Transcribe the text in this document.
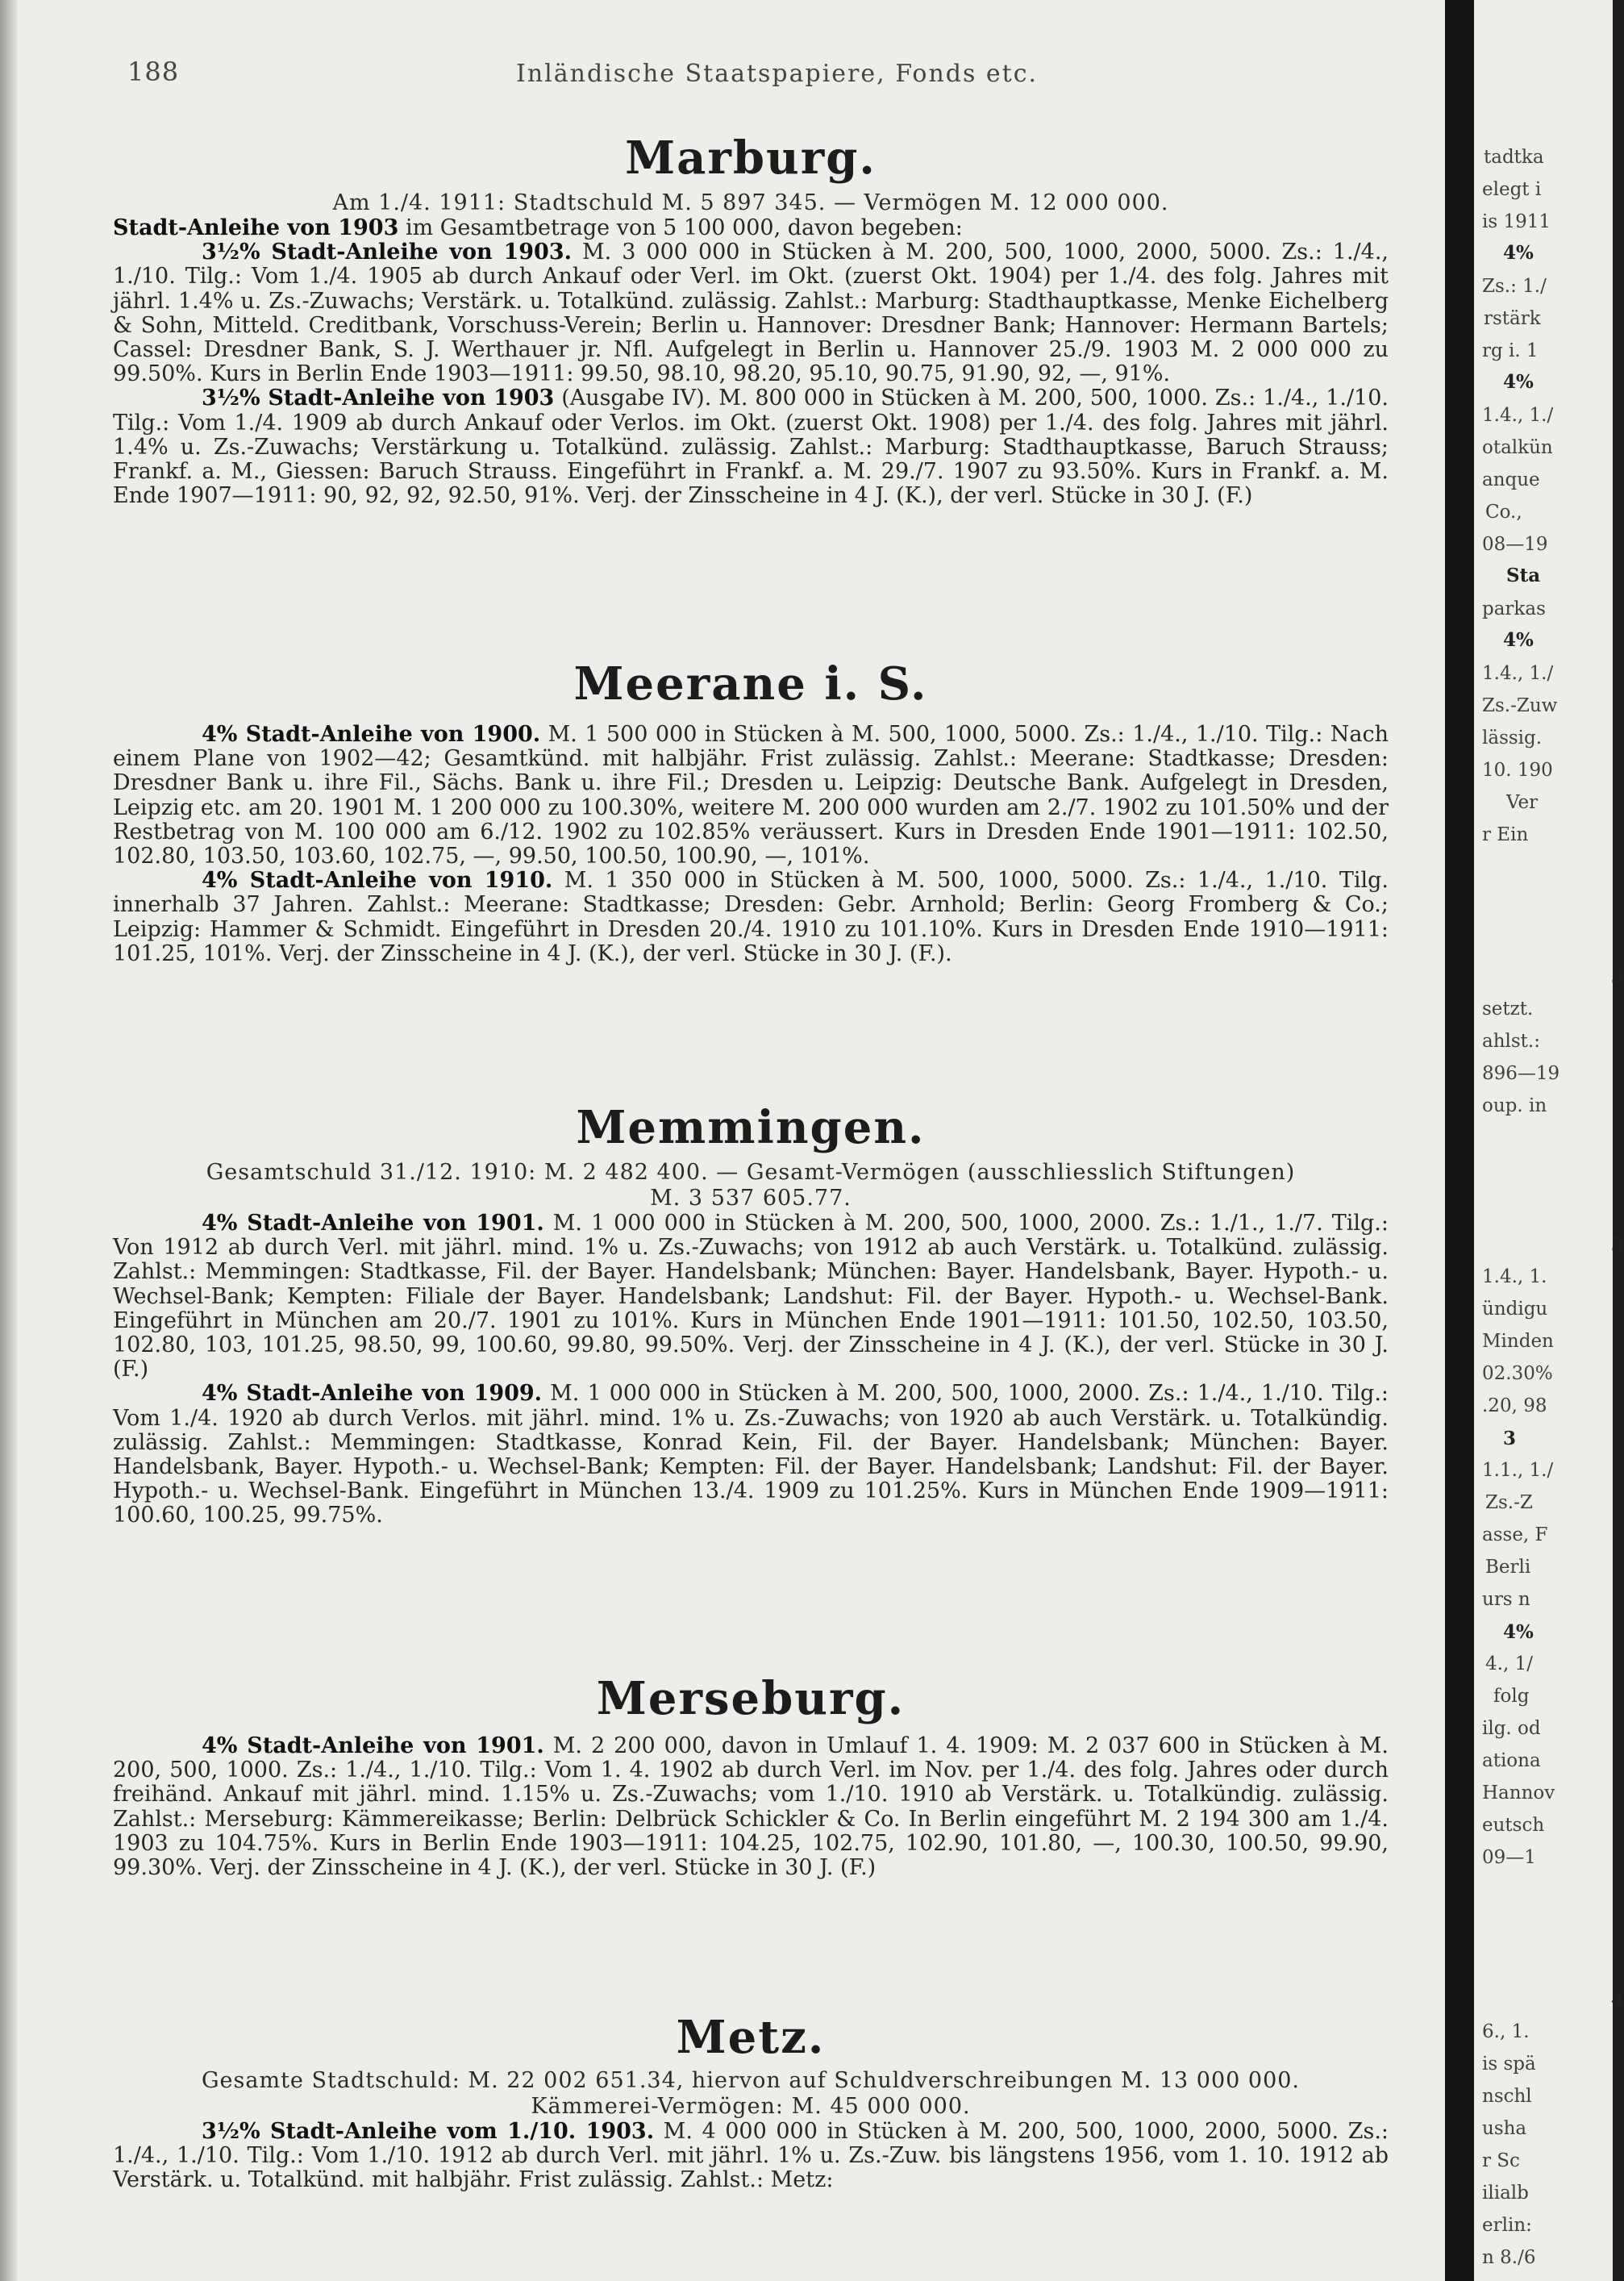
188	Inländische Staatspapiere, Fonds etc.
Marburg.

Am 1./4. 1911: Stadtschuld M. 5 897 345. — Vermögen M. 12 000 000.

Stadt-Anleihe von 1903 im Gesamtbetrage von 5 100 000, davon begeben:

3½% Stadt-Anleihe von 1903. M. 3 000 000 in Stücken à M. 200, 500, 1000, 2000, 5000. Zs.: 1./4., 1./10. Tilg.: Vom 1./4. 1905 ab durch Ankauf oder Verl. im Okt. (zuerst Okt. 1904) per 1./4. des folg. Jahres mit jährl. 1.4% u. Zs.-Zuwachs; Verstärk. u. Totalkünd. zulässig. Zahlst.: Marburg: Stadthauptkasse, Menke Eichelberg & Sohn, Mitteld. Creditbank, Vorschuss-Verein; Berlin u. Hannover: Dresdner Bank; Hannover: Hermann Bartels; Cassel: Dresdner Bank, S. J. Werthauer jr. Nfl. Aufgelegt in Berlin u. Hannover 25./9. 1903 M. 2 000 000 zu 99.50%. Kurs in Berlin Ende 1903—1911: 99.50, 98.10, 98.20, 95.10, 90.75, 91.90, 92, —, 91%.

3½% Stadt-Anleihe von 1903 (Ausgabe IV). M. 800 000 in Stücken à M. 200, 500, 1000. Zs.: 1./4., 1./10. Tilg.: Vom 1./4. 1909 ab durch Ankauf oder Verlos. im Okt. (zuerst Okt. 1908) per 1./4. des folg. Jahres mit jährl. 1.4% u. Zs.-Zuwachs; Verstärkung u. Totalkünd. zulässig. Zahlst.: Marburg: Stadthauptkasse, Baruch Strauss; Frankf. a. M., Giessen: Baruch Strauss. Eingeführt in Frankf. a. M. 29./7. 1907 zu 93.50%. Kurs in Frankf. a. M. Ende 1907—1911: 90, 92, 92, 92.50, 91%. Verj. der Zinsscheine in 4 J. (K.), der verl. Stücke in 30 J. (F.)

Meerane i. S.

4% Stadt-Anleihe von 1900. M. 1 500 000 in Stücken à M. 500, 1000, 5000. Zs.: 1./4., 1./10. Tilg.: Nach einem Plane von 1902—42; Gesamtkünd. mit halbjähr. Frist zulässig. Zahlst.: Meerane: Stadtkasse; Dresden: Dresdner Bank u. ihre Fil., Sächs. Bank u. ihre Fil.; Dresden u. Leipzig: Deutsche Bank. Aufgelegt in Dresden, Leipzig etc. am 20. 1901 M. 1 200 000 zu 100.30%, weitere M. 200 000 wurden am 2./7. 1902 zu 101.50% und der Restbetrag von M. 100 000 am 6./12. 1902 zu 102.85% veräussert. Kurs in Dresden Ende 1901—1911: 102.50, 102.80, 103.50, 103.60, 102.75, —, 99.50, 100.50, 100.90, —, 101%.

4% Stadt-Anleihe von 1910. M. 1 350 000 in Stücken à M. 500, 1000, 5000. Zs.: 1./4., 1./10. Tilg. innerhalb 37 Jahren. Zahlst.: Meerane: Stadtkasse; Dresden: Gebr. Arnhold; Berlin: Georg Fromberg & Co.; Leipzig: Hammer & Schmidt. Eingeführt in Dresden 20./4. 1910 zu 101.10%. Kurs in Dresden Ende 1910—1911: 101.25, 101%. Verj. der Zinsscheine in 4 J. (K.), der verl. Stücke in 30 J. (F.).

Memmingen.

Gesamtschuld 31./12. 1910: M. 2 482 400. — Gesamt-Vermögen (ausschliesslich Stiftungen)

M. 3 537 605.77.

4% Stadt-Anleihe von 1901. M. 1 000 000 in Stücken à M. 200, 500, 1000, 2000. Zs.: 1./1., 1./7. Tilg.: Von 1912 ab durch Verl. mit jährl. mind. 1% u. Zs.-Zuwachs; von 1912 ab auch Verstärk. u. Totalkünd. zulässig. Zahlst.: Memmingen: Stadtkasse, Fil. der Bayer. Handelsbank; München: Bayer. Handelsbank, Bayer. Hypoth.- u. Wechsel-Bank; Kempten: Filiale der Bayer. Handelsbank; Landshut: Fil. der Bayer. Hypoth.- u. Wechsel-Bank. Eingeführt in München am 20./7. 1901 zu 101%. Kurs in München Ende 1901—1911: 101.50, 102.50, 103.50, 102.80, 103, 101.25, 98.50, 99, 100.60, 99.80, 99.50%. Verj. der Zinsscheine in 4 J. (K.), der verl. Stücke in 30 J. (F.)

4% Stadt-Anleihe von 1909. M. 1 000 000 in Stücken à M. 200, 500, 1000, 2000. Zs.: 1./4., 1./10. Tilg.: Vom 1./4. 1920 ab durch Verlos. mit jährl. mind. 1% u. Zs.-Zuwachs; von 1920 ab auch Verstärk. u. Totalkündig. zulässig. Zahlst.: Memmingen: Stadtkasse, Konrad Kein, Fil. der Bayer. Handelsbank; München: Bayer. Handelsbank, Bayer. Hypoth.- u. Wechsel-Bank; Kempten: Fil. der Bayer. Handelsbank; Landshut: Fil. der Bayer. Hypoth.- u. Wechsel-Bank. Eingeführt in München 13./4. 1909 zu 101.25%. Kurs in München Ende 1909—1911: 100.60, 100.25, 99.75%.

Merseburg.

4% Stadt-Anleihe von 1901. M. 2 200 000, davon in Umlauf 1. 4. 1909: M. 2 037 600 in Stücken à M. 200, 500, 1000. Zs.: 1./4., 1./10. Tilg.: Vom 1. 4. 1902 ab durch Verl. im Nov. per 1./4. des folg. Jahres oder durch freihänd. Ankauf mit jährl. mind. 1.15% u. Zs.-Zuwachs; vom 1./10. 1910 ab Verstärk. u. Totalkündig. zulässig. Zahlst.: Merseburg: Kämmereikasse; Berlin: Delbrück Schickler & Co. In Berlin eingeführt M. 2 194 300 am 1./4. 1903 zu 104.75%. Kurs in Berlin Ende 1903—1911: 104.25, 102.75, 102.90, 101.80, —, 100.30, 100.50, 99.90, 99.30%. Verj. der Zinsscheine in 4 J. (K.), der verl. Stücke in 30 J. (F.)

Metz.

Gesamte Stadtschuld: M. 22 002 651.34, hiervon auf Schuldverschreibungen M. 13 000 000.

Kämmerei-Vermögen: M. 45 000 000.

3½% Stadt-Anleihe vom 1./10. 1903. M. 4 000 000 in Stücken à M. 200, 500, 1000, 2000, 5000. Zs.: 1./4., 1./10. Tilg.: Vom 1./10. 1912 ab durch Verl. mit jährl. 1% u. Zs.-Zuw. bis längstens 1956, vom 1. 10. 1912 ab Verstärk. u. Totalkünd. mit halbjähr. Frist zulässig. Zahlst.: Metz:

tadtka
elegt i
is 1911
4%
Zs.: 1./
rstärk
rg i. 1
4%
1.4., 1./
otalkün
anque
Co.,
08—19
Sta
parkas
4%
1.4., 1./
Zs.-Zuw
lässig.
10. 190
Ver
r Ein
3
setzt.
ahlst.:
896—19
oup. in
3
1.4., 1.
ündigu
Minden
02.30%
.20, 98
3
1.1., 1./
Zs.-Z
asse, F
Berli
urs n
4%
4., 1/
folg
ilg. od
ationa
Hannov
eutsch
09—1
4
6., 1.
is spä
nschl
usha
r Sc
ilialb
erlin:
n 8./6
